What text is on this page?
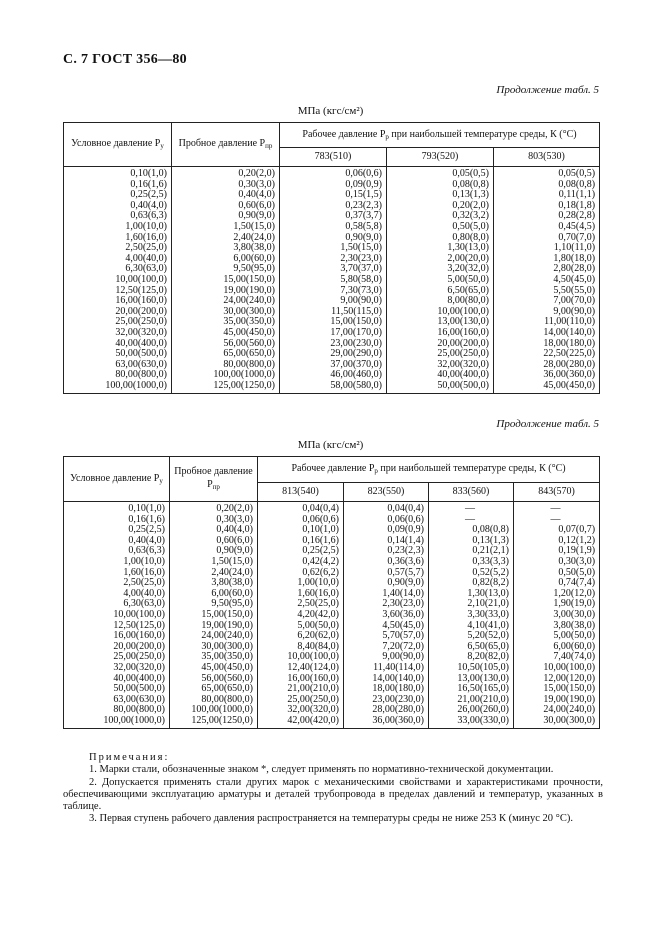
С. 7 ГОСТ 356—80
Продолжение табл. 5
МПа (кгс/см²)
Условное давление $P_у$	Пробное давление $P_{пр}$	Рабочее давление $P_р$ при наибольшей температуре среды, К (°С)		
		783(510)	793(520)	803(530)
0,10(1,0)	0,20(2,0)	0,06(0,6)	0,05(0,5)	0,05(0,5)
0,16(1,6)	0,30(3,0)	0,09(0,9)	0,08(0,8)	0,08(0,8)
0,25(2,5)	0,40(4,0)	0,15(1,5)	0,13(1,3)	0,11(1,1)
0,40(4,0)	0,60(6,0)	0,23(2,3)	0,20(2,0)	0,18(1,8)
0,63(6,3)	0,90(9,0)	0,37(3,7)	0,32(3,2)	0,28(2,8)
1,00(10,0)	1,50(15,0)	0,58(5,8)	0,50(5,0)	0,45(4,5)
1,60(16,0)	2,40(24,0)	0,90(9,0)	0,80(8,0)	0,70(7,0)
2,50(25,0)	3,80(38,0)	1,50(15,0)	1,30(13,0)	1,10(11,0)
4,00(40,0)	6,00(60,0)	2,30(23,0)	2,00(20,0)	1,80(18,0)
6,30(63,0)	9,50(95,0)	3,70(37,0)	3,20(32,0)	2,80(28,0)
10,00(100,0)	15,00(150,0)	5,80(58,0)	5,00(50,0)	4,50(45,0)
12,50(125,0)	19,00(190,0)	7,30(73,0)	6,50(65,0)	5,50(55,0)
16,00(160,0)	24,00(240,0)	9,00(90,0)	8,00(80,0)	7,00(70,0)
20,00(200,0)	30,00(300,0)	11,50(115,0)	10,00(100,0)	9,00(90,0)
25,00(250,0)	35,00(350,0)	15,00(150,0)	13,00(130,0)	11,00(110,0)
32,00(320,0)	45,00(450,0)	17,00(170,0)	16,00(160,0)	14,00(140,0)
40,00(400,0)	56,00(560,0)	23,00(230,0)	20,00(200,0)	18,00(180,0)
50,00(500,0)	65,00(650,0)	29,00(290,0)	25,00(250,0)	22,50(225,0)
63,00(630,0)	80,00(800,0)	37,00(370,0)	32,00(320,0)	28,00(280,0)
80,00(800,0)	100,00(1000,0)	46,00(460,0)	40,00(400,0)	36,00(360,0)
100,00(1000,0)	125,00(1250,0)	58,00(580,0)	50,00(500,0)	45,00(450,0)
Продолжение табл. 5
МПа (кгс/см²)
Условное давление $P_у$	Пробное давление $P_{пр}$	Рабочее давление $P_р$ при наибольшей температуре среды, К (°С)			
		813(540)	823(550)	833(560)	843(570)
0,10(1,0)	0,20(2,0)	0,04(0,4)	0,04(0,4)	—	—
0,16(1,6)	0,30(3,0)	0,06(0,6)	0,06(0,6)	—	—
0,25(2,5)	0,40(4,0)	0,10(1,0)	0,09(0,9)	0,08(0,8)	0,07(0,7)
0,40(4,0)	0,60(6,0)	0,16(1,6)	0,14(1,4)	0,13(1,3)	0,12(1,2)
0,63(6,3)	0,90(9,0)	0,25(2,5)	0,23(2,3)	0,21(2,1)	0,19(1,9)
1,00(10,0)	1,50(15,0)	0,42(4,2)	0,36(3,6)	0,33(3,3)	0,30(3,0)
1,60(16,0)	2,40(24,0)	0,62(6,2)	0,57(5,7)	0,52(5,2)	0,50(5,0)
2,50(25,0)	3,80(38,0)	1,00(10,0)	0,90(9,0)	0,82(8,2)	0,74(7,4)
4,00(40,0)	6,00(60,0)	1,60(16,0)	1,40(14,0)	1,30(13,0)	1,20(12,0)
6,30(63,0)	9,50(95,0)	2,50(25,0)	2,30(23,0)	2,10(21,0)	1,90(19,0)
10,00(100,0)	15,00(150,0)	4,20(42,0)	3,60(36,0)	3,30(33,0)	3,00(30,0)
12,50(125,0)	19,00(190,0)	5,00(50,0)	4,50(45,0)	4,10(41,0)	3,80(38,0)
16,00(160,0)	24,00(240,0)	6,20(62,0)	5,70(57,0)	5,20(52,0)	5,00(50,0)
20,00(200,0)	30,00(300,0)	8,40(84,0)	7,20(72,0)	6,50(65,0)	6,00(60,0)
25,00(250,0)	35,00(350,0)	10,00(100,0)	9,00(90,0)	8,20(82,0)	7,40(74,0)
32,00(320,0)	45,00(450,0)	12,40(124,0)	11,40(114,0)	10,50(105,0)	10,00(100,0)
40,00(400,0)	56,00(560,0)	16,00(160,0)	14,00(140,0)	13,00(130,0)	12,00(120,0)
50,00(500,0)	65,00(650,0)	21,00(210,0)	18,00(180,0)	16,50(165,0)	15,00(150,0)
63,00(630,0)	80,00(800,0)	25,00(250,0)	23,00(230,0)	21,00(210,0)	19,00(190,0)
80,00(800,0)	100,00(1000,0)	32,00(320,0)	28,00(280,0)	26,00(260,0)	24,00(240,0)
100,00(1000,0)	125,00(1250,0)	42,00(420,0)	36,00(360,0)	33,00(330,0)	30,00(300,0)
Примечания:

1. Марки стали, обозначенные знаком *, следует применять по нормативно-технической документации.

2. Допускается применять стали других марок с механическими свойствами и характеристиками прочности, обеспечивающими эксплуатацию арматуры и деталей трубопровода в пределах давлений и температур, указанных в таблице.

3. Первая ступень рабочего давления распространяется на температуры среды не ниже 253 К (минус 20 °С).
